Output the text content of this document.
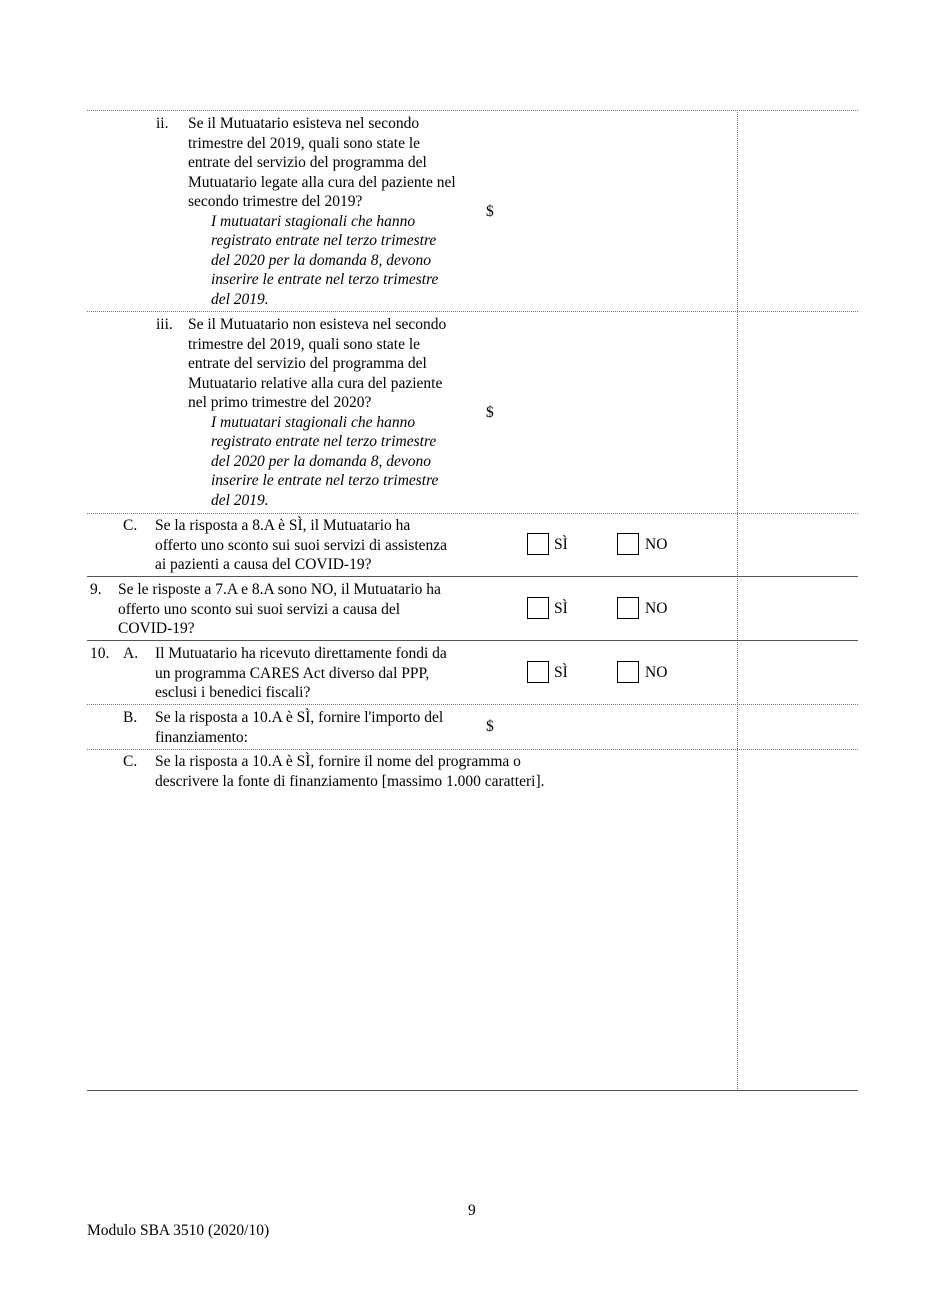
ii. Se il Mutuatario esisteva nel secondo
trimestre del 2019, quali sono state le
entrate del servizio del programma del
Mutuatario legate alla cura del paziente nel
secondo trimestre del 2019?
I mutuatari stagionali che hanno
registrato entrate nel terzo trimestre
del 2020 per la domanda 8, devono
inserire le entrate nel terzo trimestre
del 2019.
$
iii. Se il Mutuatario non esisteva nel secondo
trimestre del 2019, quali sono state le
entrate del servizio del programma del
Mutuatario relative alla cura del paziente
nel primo trimestre del 2020?
I mutuatari stagionali che hanno
registrato entrate nel terzo trimestre
del 2020 per la domanda 8, devono
inserire le entrate nel terzo trimestre
del 2019.
$
C. Se la risposta a 8.A è SÌ, il Mutuatario ha
offerto uno sconto sui suoi servizi di assistenza
ai pazienti a causa del COVID-19?
SÌ	NO
9. Se le risposte a 7.A e 8.A sono NO, il Mutuatario ha
offerto uno sconto sui suoi servizi a causa del
COVID-19?
SÌ	NO
10. A. Il Mutuatario ha ricevuto direttamente fondi da
un programma CARES Act diverso dal PPP,
esclusi i benedici fiscali?
SÌ	NO
B. Se la risposta a 10.A è SÌ, fornire l'importo del
finanziamento:
$
C. Se la risposta a 10.A è SÌ, fornire il nome del programma o
descrivere la fonte di finanziamento [massimo 1.000 caratteri].
9
Modulo SBA 3510 (2020/10)
